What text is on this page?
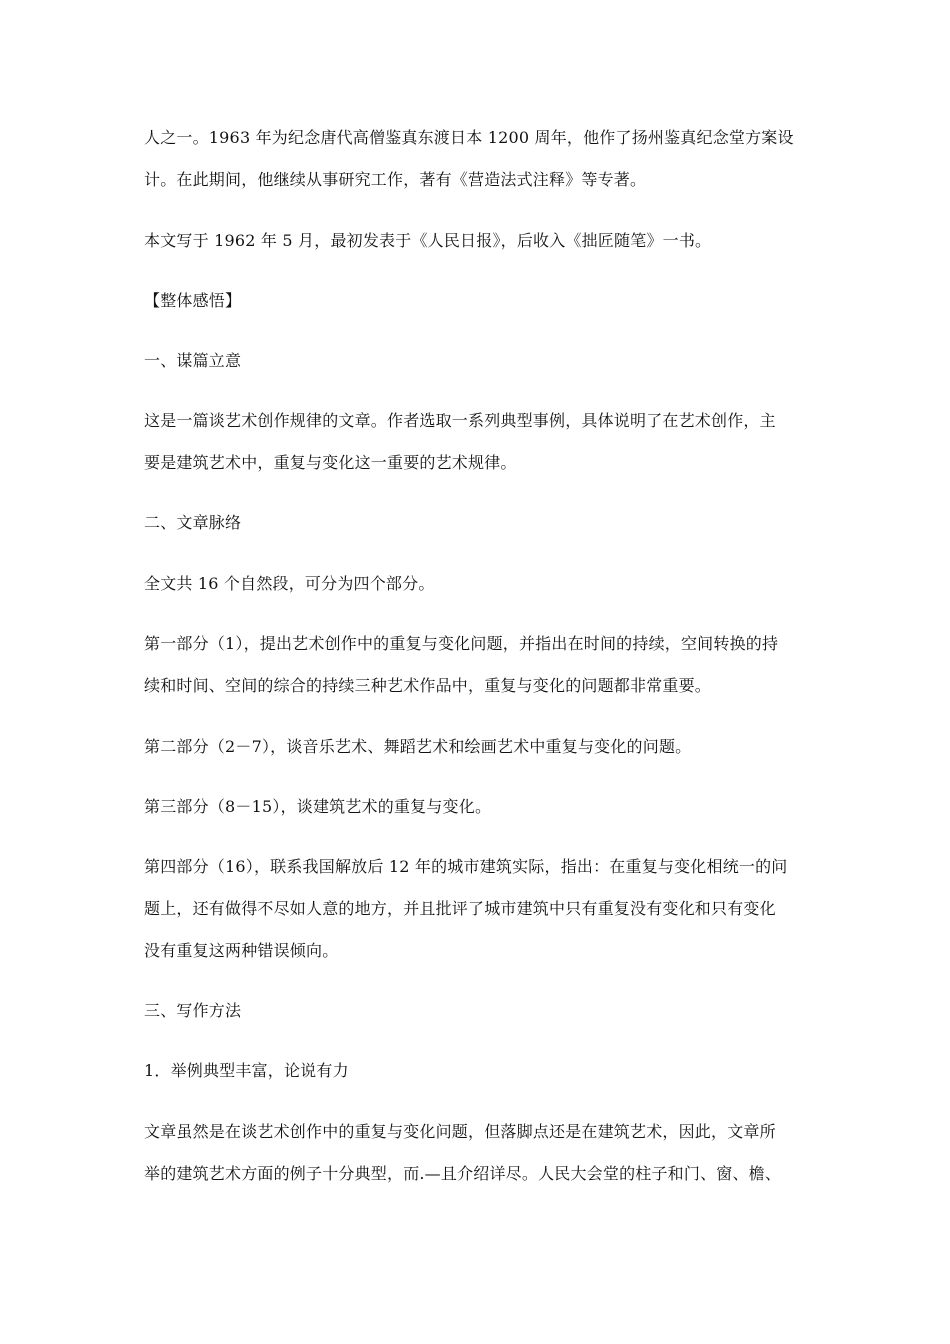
人之一。1963 年为纪念唐代高僧鉴真东渡日本 1200 周年，他作了扬州鉴真纪念堂方案设
计。在此期间，他继续从事研究工作，著有《营造法式注释》等专著。
本文写于 1962 年 5 月，最初发表于《人民日报》，后收入《拙匠随笔》一书。
【整体感悟】
一、谋篇立意
这是一篇谈艺术创作规律的文章。作者选取一系列典型事例，具体说明了在艺术创作，主
要是建筑艺术中，重复与变化这一重要的艺术规律。
二、文章脉络
全文共 16 个自然段，可分为四个部分。
第一部分（1），提出艺术创作中的重复与变化问题，并指出在时间的持续，空间转换的持
续和时间、空间的综合的持续三种艺术作品中，重复与变化的问题都非常重要。
第二部分（2－7），谈音乐艺术、舞蹈艺术和绘画艺术中重复与变化的问题。
第三部分（8－15），谈建筑艺术的重复与变化。
第四部分（16），联系我国解放后 12 年的城市建筑实际，指出：在重复与变化相统一的问
题上，还有做得不尽如人意的地方，并且批评了城市建筑中只有重复没有变化和只有变化
没有重复这两种错误倾向。
三、写作方法
1．举例典型丰富，论说有力
文章虽然是在谈艺术创作中的重复与变化问题，但落脚点还是在建筑艺术，因此，文章所
举的建筑艺术方面的例子十分典型，而.—且介绍详尽。人民大会堂的柱子和门、窗、檐、
